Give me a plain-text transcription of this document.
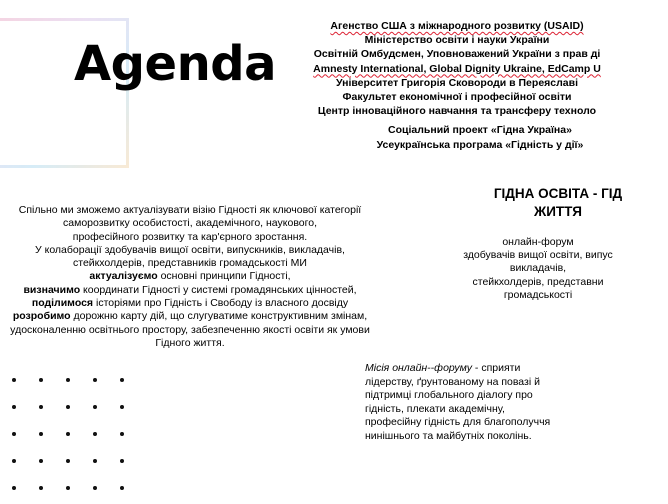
Agenda
Агенство США з міжнародного розвитку (USAID)
Міністерство освіти і науки України
Освітній Омбудсмен, Уповноважений України з прав ді
Amnesty International, Global Dignity Ukraine, EdCamp U
Університет Григорія Сковороди в Переяславі
Факультет економічної і професійної освіти
Центр інноваційного навчання та трансферу техноло
Соціальний проект «Гідна Україна»
Усеукраїнська програма «Гідність у дії»
Спільно ми зможемо актуалізувати візію Гідності як ключової категорії
саморозвитку особистості, академічного, наукового,
професійного розвитку та кар'єрного зростання.
У колаборації здобувачів вищої освіти, випускників, викладачів,
стейкхолдерів, представників громадськості МИ
актуалізуємо основні принципи Гідності,
визначимо координати Гідності у системі громадянських цінностей,
поділимося історіями про Гідність і Свободу із власного досвіду
розробимо дорожню карту дій, що слугуватиме конструктивним змінам,
удосконаленню освітнього простору, забезпеченню якості освіти як умови
Гідного життя.
ГІДНА ОСВІТА - ГІД
ЖИТТЯ
онлайн-форум
здобувачів вищої освіти, випус
викладачів,
стейкхолдерів, представни
громадськості
Місія онлайн--форуму - сприяти
лідерству, ґрунтованому на повазі й
підтримці глобального діалогу про
гідність, плекати академічну,
професійну гідність для благополуччя
нинішнього та майбутніх поколінь.
